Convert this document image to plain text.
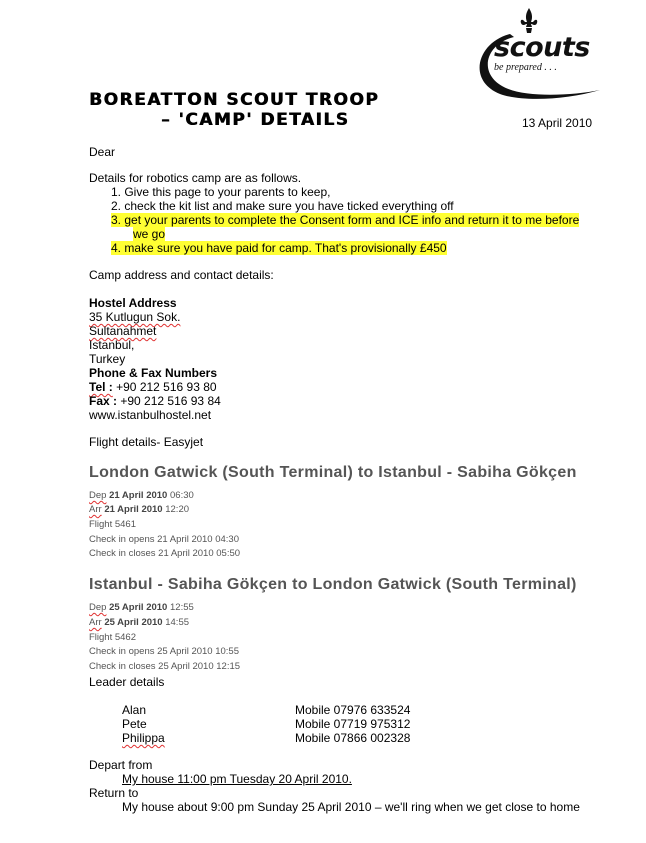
scouts
be prepared . . .
BOREATTON SCOUT TROOP
– 'CAMP' DETAILS	13 April 2010
Dear
Details for robotics camp are as follows.
1. Give this page to your parents to keep,
2. check the kit list and make sure you have ticked everything off
3. get your parents to complete the Consent form and ICE info and return it to me before
we go
4. make sure you have paid for camp. That's provisionally £450
Camp address and contact details:
Hostel Address
35 Kutlugun Sok.
Sultanahmet
Istanbul,
Turkey
Phone & Fax Numbers
Tel : +90 212 516 93 80
Fax : +90 212 516 93 84
www.istanbulhostel.net
Flight details- Easyjet
London Gatwick (South Terminal) to Istanbul - Sabiha Gökçen
Dep 21 April 2010 06:30
Arr 21 April 2010 12:20
Flight 5461
Check in opens 21 April 2010 04:30
Check in closes 21 April 2010 05:50
Istanbul - Sabiha Gökçen to London Gatwick (South Terminal)
Dep 25 April 2010 12:55
Arr 25 April 2010 14:55
Flight 5462
Check in opens 25 April 2010 10:55
Check in closes 25 April 2010 12:15
Leader details
Alan	Mobile 07976 633524
Pete	Mobile 07719 975312
Philippa	Mobile 07866 002328
Depart from
My house 11:00 pm Tuesday 20 April 2010.
Return to
My house about 9:00 pm Sunday 25 April 2010 – we'll ring when we get close to home
